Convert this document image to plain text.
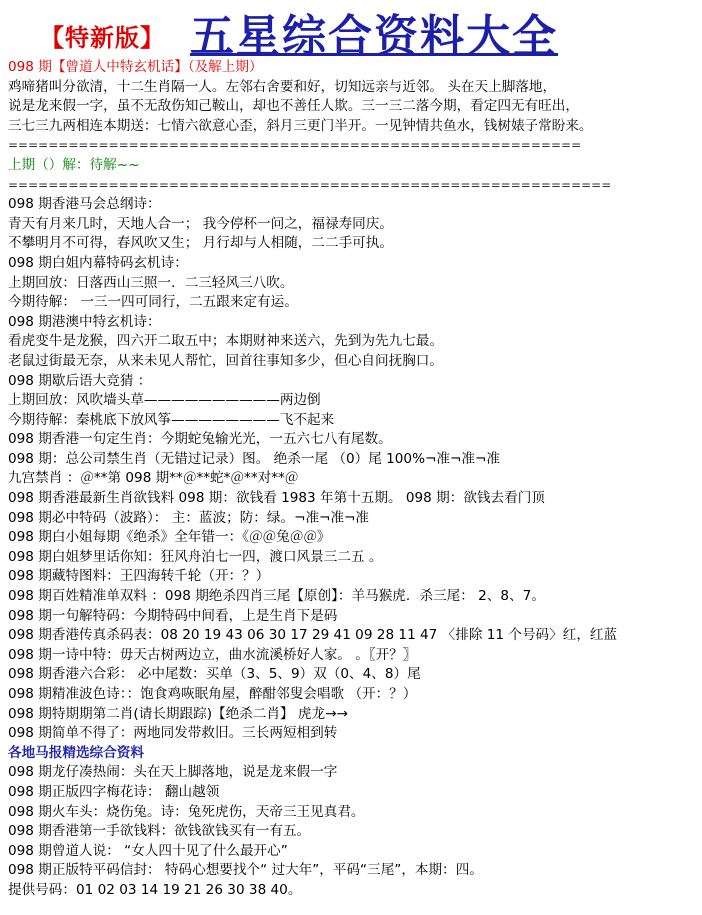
【特新版】 五星综合资料大全
098 期【曾道人中特玄机话】（及解上期）
鸡啼猪叫分欲清，十二生肖隔一人。左邻右舍要和好，切知远亲与近邻。 头在天上脚落地，
说是龙来假一字，虽不无敌伤知己鞍山，却也不善任人欺。三一三二落今期，看定四无有旺出，
三七三九两相连本期送：七情六欲意心歪，斜月三更门半开。一见钟情共鱼水，钱树婊子常盼来。
=========================================================
上期（）解：待解~~
============================================================
098 期香港马会总纲诗：
青天有月来几时，天地人合一； 我今停杯一问之，福禄寿同庆。
不攀明月不可得，春风吹又生； 月行却与人相随，二二手可执。
098 期白姐内幕特码玄机诗：
上期回放：日落西山三照一．二三轻风三八吹。
今期待解： 一三一四可同行，二五跟来定有运。
098 期港澳中特玄机诗：
看虎变牛是龙猴，四六开二取五中；本期财神来送六，先到为先九七最。
老鼠过街最无奈，从来未见人帮忙，回首往事知多少，但心自问抚胸口。
098 期歇后语大竞猜 ：
上期回放：风吹墙头草——————————两边倒
今期待解：秦桃底下放风筝————————飞不起来
098 期香港一句定生肖：今期蛇兔输光光，一五六七八有尾数。
098 期：总公司禁生肖（无错过记录）图。 绝杀一尾 （0）尾 100%¬准¬准¬准
九宫禁肖 ：＠**第 098 期**＠**蛇*＠**对**＠
098 期香港最新生肖欲钱料 098 期：欲钱看 1983 年第十五期。 098 期：欲钱去看门顶
098 期必中特码（波路）： 主：蓝波；防：绿。¬准¬准¬准
098 期白小姐每期《绝杀》全年错一：《＠＠兔＠＠》
098 期白姐梦里话你知：狂风舟泊七一四，渡口风景三二五 。
098 期藏特图料：王四海转千轮（开：？）
098 期百姓精准单双料 ：098 期绝杀四肖三尾【原创】：羊马猴虎．杀三尾： 2、8、7。
098 期一句解特码：今期特码中间看，上是生肖下是码
098 期香港传真杀码表：08 20 19 43 06 30 17 29 41 09 28 11 47 〈排除 11 个号码〉红，红蓝
098 期一诗中特：毋天古树两边立，曲水流溪桥好人家。 。〖开？〗
098 期香港六合彩： 必中尾数：买单（3、5、9）双（0、4、8）尾
098 期精准波色诗：：饱食鸡咴眠角屋，醉酣邻叟会唱歌 （开：？）
098 期特期期第二肖(请长期跟踪)【绝杀二肖】 虎龙→→
098 期简单不得了：两地同发带救旧。三长两短相到转
各地马报精选综合资料
098 期龙仔凑热闹：头在天上脚落地，说是龙来假一字
098 期正版四字梅花诗： 翻山越领
098 期火车头：烧伤兔。诗：兔死虎伤，天帝三王见真君。
098 期香港第一手欲钱料：欲钱欲钱买有一有五。
098 期曾道人说： “女人四十见了什么最开心”
098 期正版特平码信封： 特码心想要找个“ 过大年”，平码“三尾”，本期：四。
提供号码：01 02 03 14 19 21 26 30 38 40。
